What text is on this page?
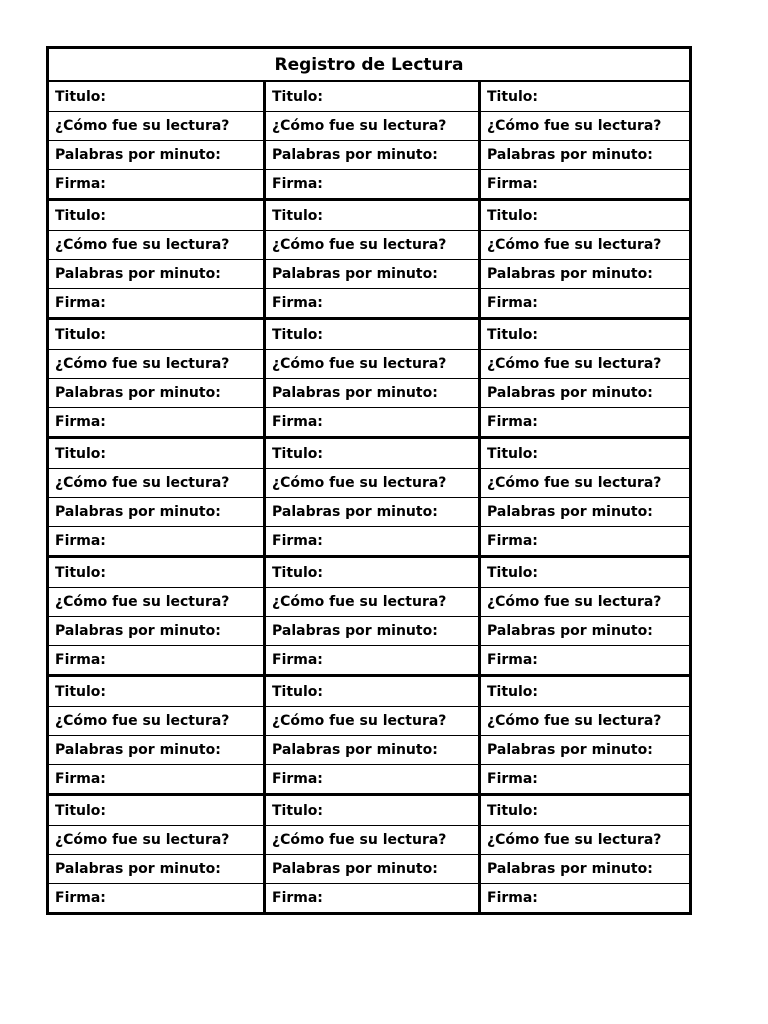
Registro de Lectura
Titulo:
¿Cómo fue su lectura?
Palabras por minuto:
Firma:
Titulo:
¿Cómo fue su lectura?
Palabras por minuto:
Firma:
Titulo:
¿Cómo fue su lectura?
Palabras por minuto:
Firma:
Titulo:
¿Cómo fue su lectura?
Palabras por minuto:
Firma:
Titulo:
¿Cómo fue su lectura?
Palabras por minuto:
Firma:
Titulo:
¿Cómo fue su lectura?
Palabras por minuto:
Firma:
Titulo:
¿Cómo fue su lectura?
Palabras por minuto:
Firma:
Titulo:
¿Cómo fue su lectura?
Palabras por minuto:
Firma:
Titulo:
¿Cómo fue su lectura?
Palabras por minuto:
Firma:
Titulo:
¿Cómo fue su lectura?
Palabras por minuto:
Firma:
Titulo:
¿Cómo fue su lectura?
Palabras por minuto:
Firma:
Titulo:
¿Cómo fue su lectura?
Palabras por minuto:
Firma:
Titulo:
¿Cómo fue su lectura?
Palabras por minuto:
Firma:
Titulo:
¿Cómo fue su lectura?
Palabras por minuto:
Firma:
Titulo:
¿Cómo fue su lectura?
Palabras por minuto:
Firma:
Titulo:
¿Cómo fue su lectura?
Palabras por minuto:
Firma:
Titulo:
¿Cómo fue su lectura?
Palabras por minuto:
Firma:
Titulo:
¿Cómo fue su lectura?
Palabras por minuto:
Firma:
Titulo:
¿Cómo fue su lectura?
Palabras por minuto:
Firma:
Titulo:
¿Cómo fue su lectura?
Palabras por minuto:
Firma:
Titulo:
¿Cómo fue su lectura?
Palabras por minuto:
Firma:
